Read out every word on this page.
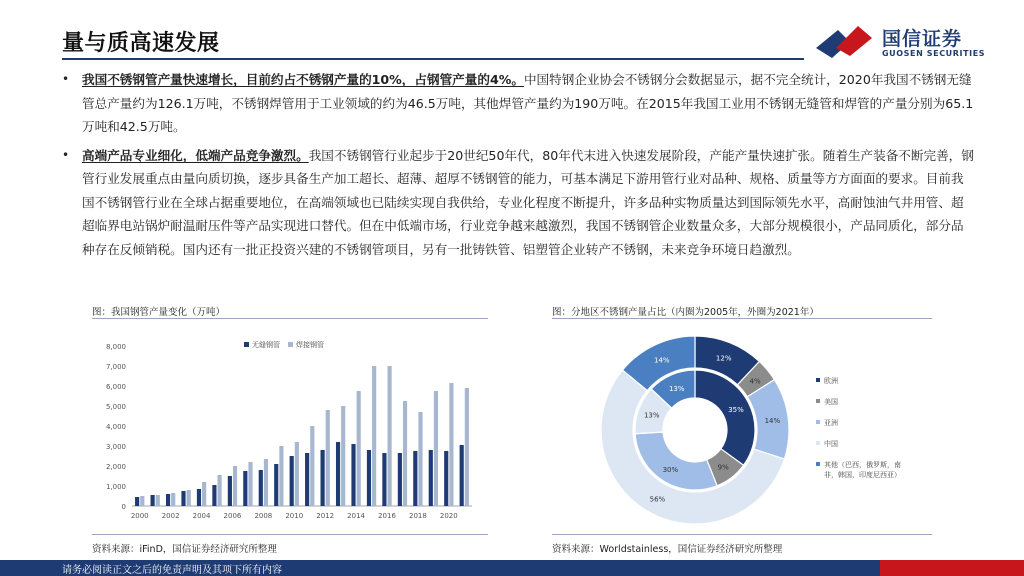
量与质高速发展	国信证券
GUOSEN SECURITIES
• 我国不锈钢管产量快速增长，目前约占不锈钢产量的10%，占钢管产量的4%。中国特钢企业协会不锈钢分会数据显示，据不完全统计，2020年我国不锈钢无缝管总产量约为126.1万吨，不锈钢焊管用于工业领域的约为46.5万吨，其他焊管产量约为190万吨。在2015年我国工业用不锈钢无缝管和焊管的产量分别为65.1万吨和42.5万吨。
• 高端产品专业细化，低端产品竞争激烈。我国不锈钢管行业起步于20世纪50年代，80年代末进入快速发展阶段，产能产量快速扩张。随着生产装备不断完善，钢管行业发展重点由量向质切换，逐步具备生产加工超长、超薄、超厚不锈钢管的能力，可基本满足下游用管行业对品种、规格、质量等方方面面的要求。目前我国不锈钢管行业在全球占据重要地位，在高端领域也已陆续实现自我供给，专业化程度不断提升，许多品种实物质量达到国际领先水平，高耐蚀油气井用管、超超临界电站锅炉耐温耐压件等产品实现进口替代。但在中低端市场，行业竞争越来越激烈，我国不锈钢管企业数量众多，大部分规模很小，产品同质化，部分品种存在反倾销税。国内还有一批正投资兴建的不锈钢管项目，另有一批铸铁管、铝塑管企业转产不锈钢，未来竞争环境日趋激烈。
图：我国钢管产量变化（万吨）
0
1,000
2,000
3,000
4,000
5,000
6,000
7,000
8,000
2000 2002 2004 2006 2008 2010 2012 2014 2016 2018 2020
无缝钢管 焊接钢管
资料来源：iFinD，国信证券经济研究所整理
图：分地区不锈钢产量占比（内圈为2005年，外圈为2021年）
12%
4%
14%
56%
14%
35%
9%
30%
13%
13%
欧洲
美国
亚洲
中国
其他（巴西，俄罗斯，南非，韩国，印度尼西亚）
资料来源：Worldstainless，国信证券经济研究所整理
请务必阅读正文之后的免责声明及其项下所有内容
